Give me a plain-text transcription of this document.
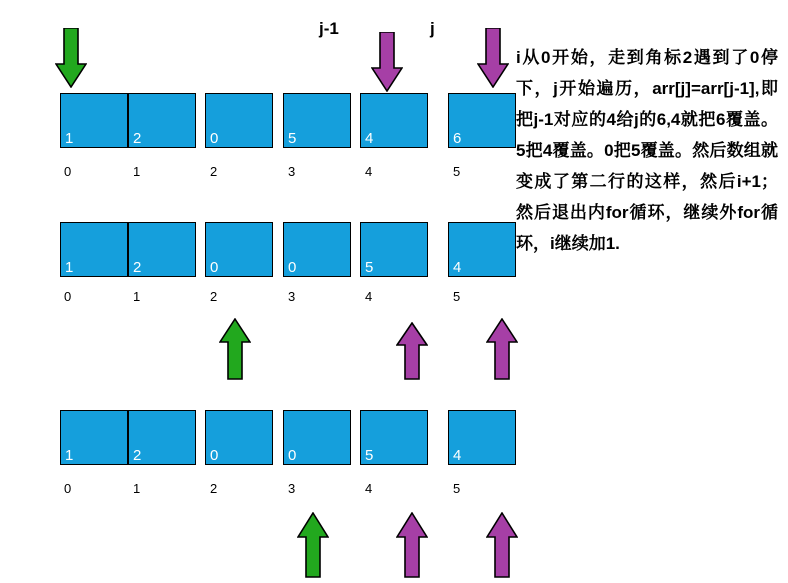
1	2	0	5	4	6
0	1	2	3	4	5
1	2	0	0	5	4
0	1	2	3	4	5
1	2	0	0	5	4
0	1	2	3	4	5
j-1	j
i从0开始，走到角标2遇到了0停下，j开始遍历，arr[j]=arr[j-1],即把j-1对应的4给j的6,4就把6覆盖。5把4覆盖。0把5覆盖。然后数组就变成了第二行的这样，然后i+1；然后退出内for循环，继续外for循环，i继续加1.
